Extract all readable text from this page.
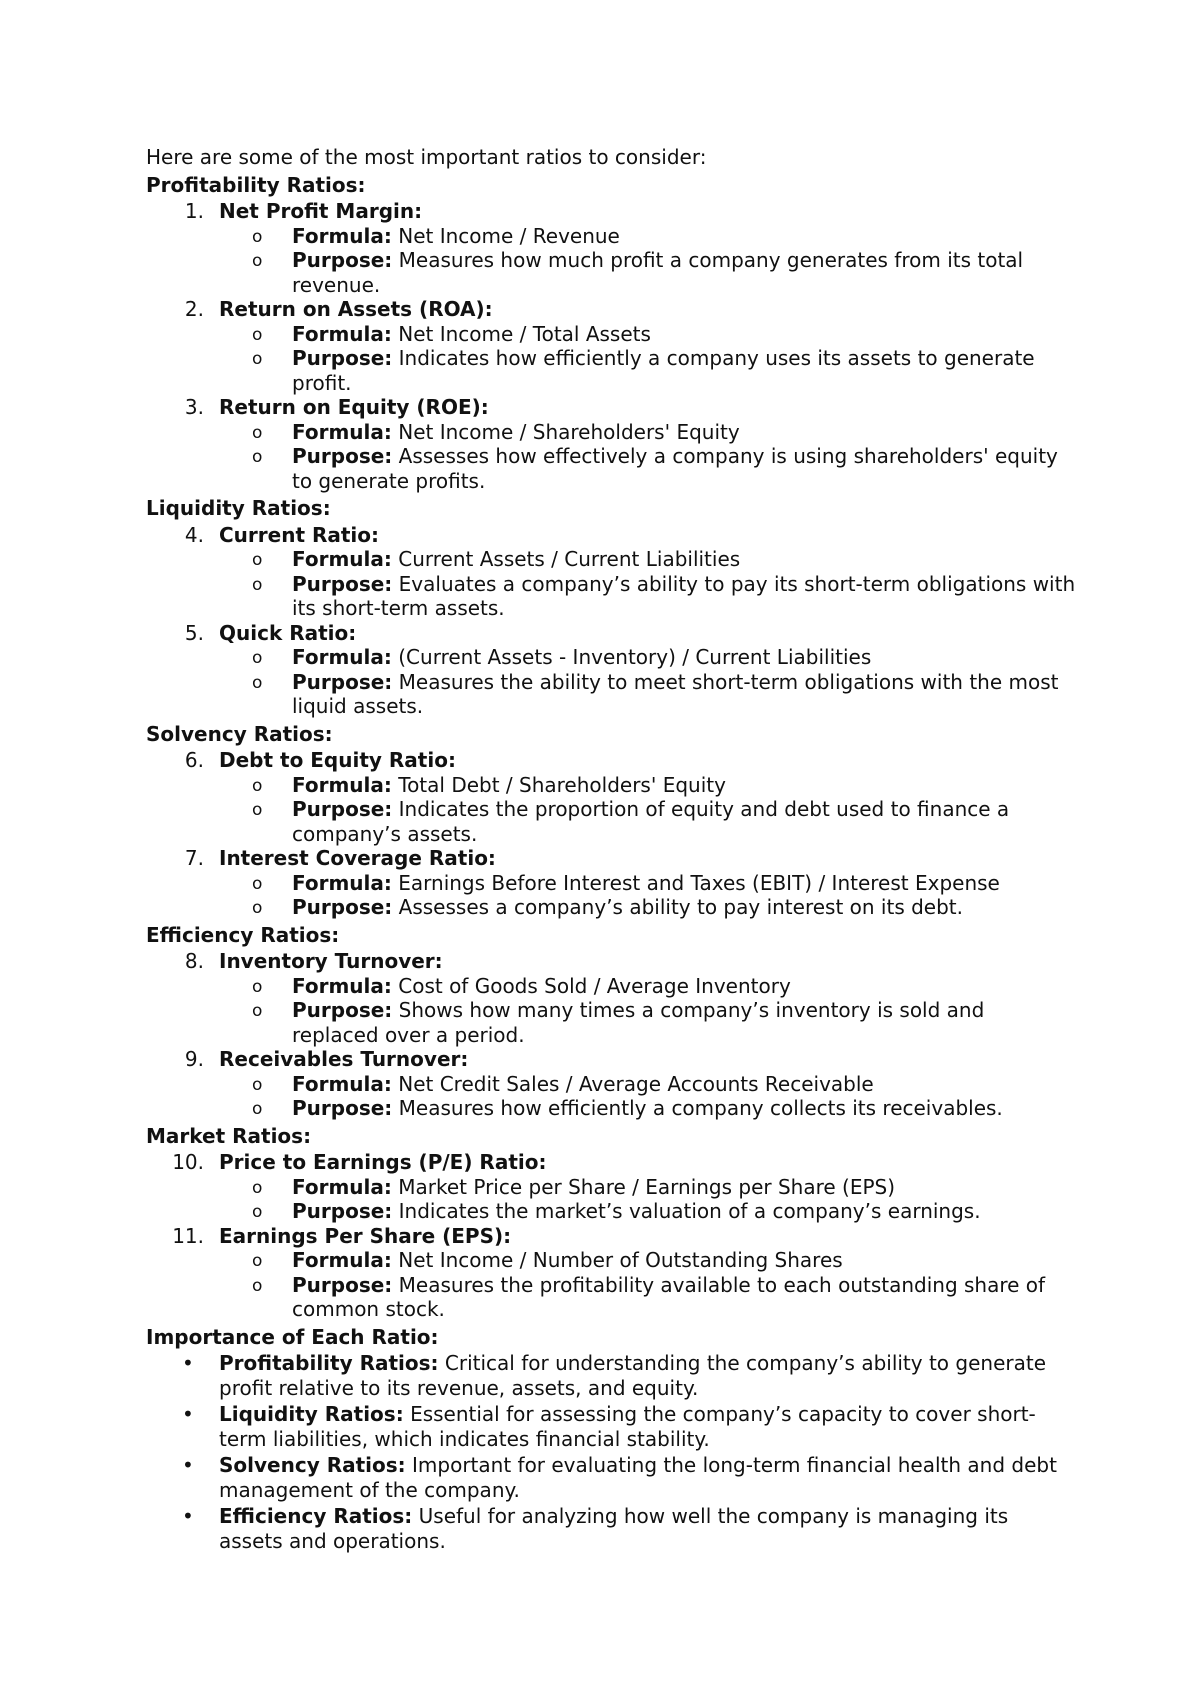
Here are some of the most important ratios to consider:

Profitability Ratios:
1. Net Profit Margin:
o Formula: Net Income / Revenue
o Purpose: Measures how much profit a company generates from its total revenue.
2. Return on Assets (ROA):
o Formula: Net Income / Total Assets
o Purpose: Indicates how efficiently a company uses its assets to generate profit.
3. Return on Equity (ROE):
o Formula: Net Income / Shareholders' Equity
o Purpose: Assesses how effectively a company is using shareholders' equity to generate profits.
Liquidity Ratios:
4. Current Ratio:
o Formula: Current Assets / Current Liabilities
o Purpose: Evaluates a company’s ability to pay its short-term obligations with its short-term assets.
5. Quick Ratio:
o Formula: (Current Assets - Inventory) / Current Liabilities
o Purpose: Measures the ability to meet short-term obligations with the most liquid assets.
Solvency Ratios:
6. Debt to Equity Ratio:
o Formula: Total Debt / Shareholders' Equity
o Purpose: Indicates the proportion of equity and debt used to finance a company’s assets.
7. Interest Coverage Ratio:
o Formula: Earnings Before Interest and Taxes (EBIT) / Interest Expense
o Purpose: Assesses a company’s ability to pay interest on its debt.
Efficiency Ratios:
8. Inventory Turnover:
o Formula: Cost of Goods Sold / Average Inventory
o Purpose: Shows how many times a company’s inventory is sold and replaced over a period.
9. Receivables Turnover:
o Formula: Net Credit Sales / Average Accounts Receivable
o Purpose: Measures how efficiently a company collects its receivables.
Market Ratios:
10. Price to Earnings (P/E) Ratio:
o Formula: Market Price per Share / Earnings per Share (EPS)
o Purpose: Indicates the market’s valuation of a company’s earnings.
11. Earnings Per Share (EPS):
o Formula: Net Income / Number of Outstanding Shares
o Purpose: Measures the profitability available to each outstanding share of common stock.
Importance of Each Ratio:
• Profitability Ratios: Critical for understanding the company’s ability to generate profit relative to its revenue, assets, and equity.
• Liquidity Ratios: Essential for assessing the company’s capacity to cover short-term liabilities, which indicates financial stability.
• Solvency Ratios: Important for evaluating the long-term financial health and debt management of the company.
• Efficiency Ratios: Useful for analyzing how well the company is managing its assets and operations.
